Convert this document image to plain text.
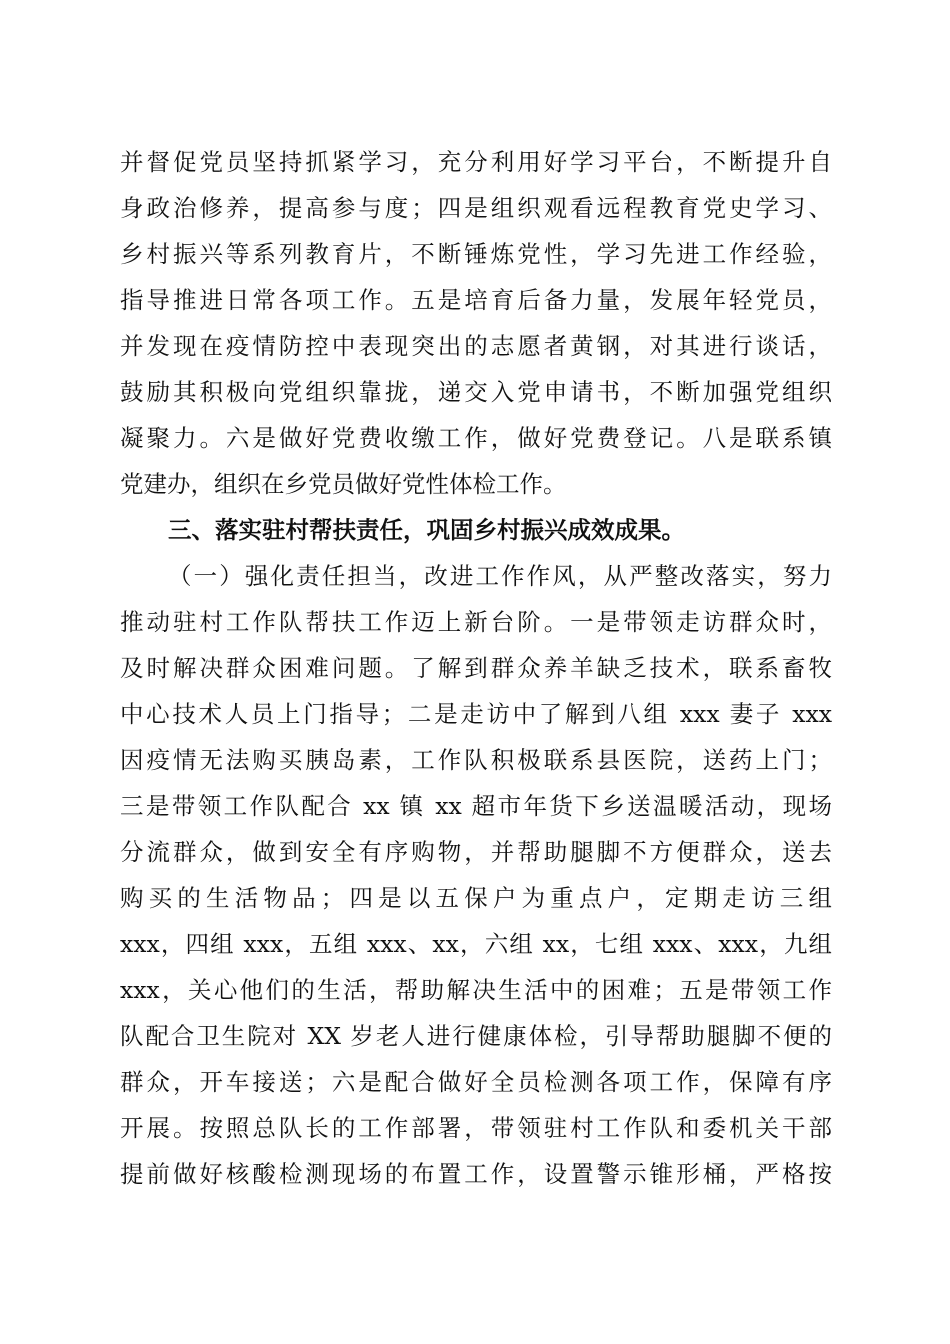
并督促党员坚持抓紧学习，充分利用好学习平台，不断提升自
身政治修养，提高参与度；四是组织观看远程教育党史学习、
乡村振兴等系列教育片，不断锤炼党性，学习先进工作经验，
指导推进日常各项工作。五是培育后备力量，发展年轻党员，
并发现在疫情防控中表现突出的志愿者黄钢，对其进行谈话，
鼓励其积极向党组织靠拢，递交入党申请书，不断加强党组织
凝聚力。六是做好党费收缴工作，做好党费登记。八是联系镇
党建办，组织在乡党员做好党性体检工作。
三、落实驻村帮扶责任，巩固乡村振兴成效成果。
（一）强化责任担当，改进工作作风，从严整改落实，努力
推动驻村工作队帮扶工作迈上新台阶。一是带领走访群众时，
及时解决群众困难问题。了解到群众养羊缺乏技术，联系畜牧
中心技术人员上门指导；二是走访中了解到八组 xxx 妻子 xxx
因疫情无法购买胰岛素，工作队积极联系县医院，送药上门；
三是带领工作队配合 xx 镇 xx 超市年货下乡送温暖活动，现场
分流群众，做到安全有序购物，并帮助腿脚不方便群众，送去
购买的生活物品；四是以五保户为重点户，定期走访三组
xxx，四组 xxx，五组 xxx、xx，六组 xx，七组 xxx、xxx，九组
xxx，关心他们的生活，帮助解决生活中的困难；五是带领工作
队配合卫生院对 XX 岁老人进行健康体检，引导帮助腿脚不便的
群众，开车接送；六是配合做好全员检测各项工作，保障有序
开展。按照总队长的工作部署，带领驻村工作队和委机关干部
提前做好核酸检测现场的布置工作，设置警示锥形桶，严格按
